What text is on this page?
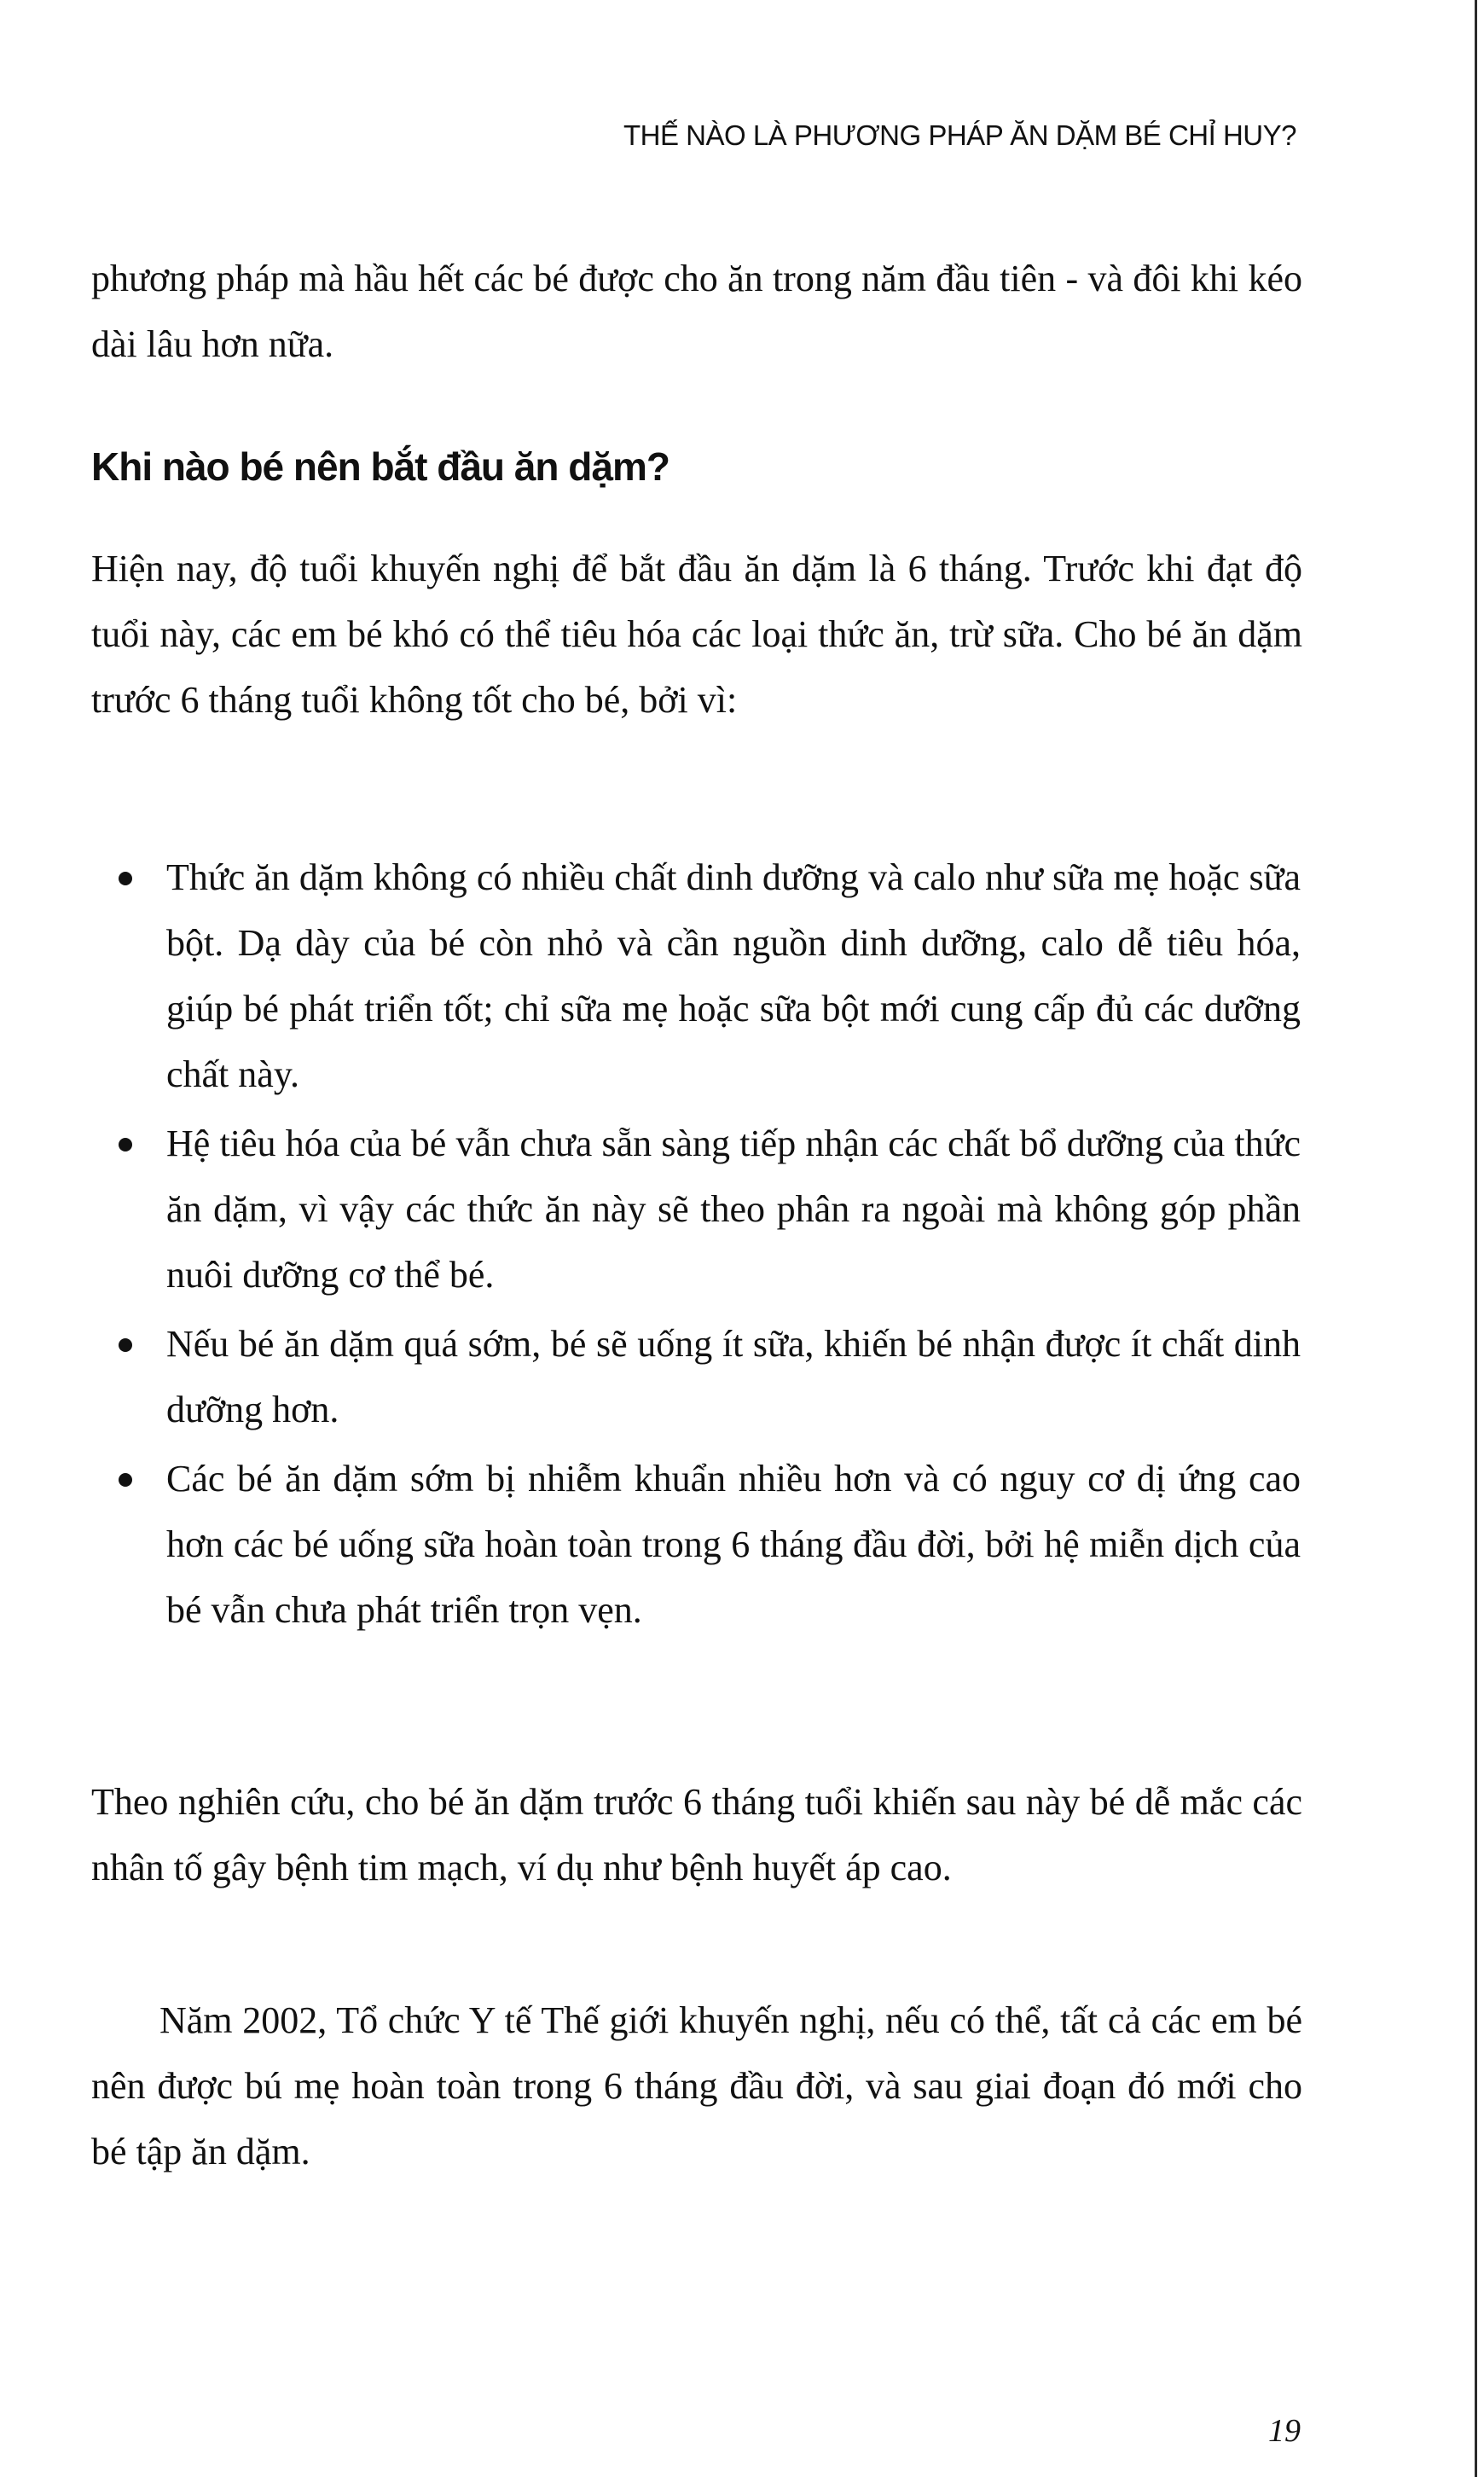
THẾ NÀO LÀ PHƯƠNG PHÁP ĂN DẶM BÉ CHỈ HUY?

phương pháp mà hầu hết các bé được cho ăn trong năm đầu tiên - và đôi khi kéo dài lâu hơn nữa.

Khi nào bé nên bắt đầu ăn dặm?

Hiện nay, độ tuổi khuyến nghị để bắt đầu ăn dặm là 6 tháng. Trước khi đạt độ tuổi này, các em bé khó có thể tiêu hóa các loại thức ăn, trừ sữa. Cho bé ăn dặm trước 6 tháng tuổi không tốt cho bé, bởi vì:

Thức ăn dặm không có nhiều chất dinh dưỡng và calo như sữa mẹ hoặc sữa bột. Dạ dày của bé còn nhỏ và cần nguồn dinh dưỡng, calo dễ tiêu hóa, giúp bé phát triển tốt; chỉ sữa mẹ hoặc sữa bột mới cung cấp đủ các dưỡng chất này.
Hệ tiêu hóa của bé vẫn chưa sẵn sàng tiếp nhận các chất bổ dưỡng của thức ăn dặm, vì vậy các thức ăn này sẽ theo phân ra ngoài mà không góp phần nuôi dưỡng cơ thể bé.
Nếu bé ăn dặm quá sớm, bé sẽ uống ít sữa, khiến bé nhận được ít chất dinh dưỡng hơn.
Các bé ăn dặm sớm bị nhiễm khuẩn nhiều hơn và có nguy cơ dị ứng cao hơn các bé uống sữa hoàn toàn trong 6 tháng đầu đời, bởi hệ miễn dịch của bé vẫn chưa phát triển trọn vẹn.

Theo nghiên cứu, cho bé ăn dặm trước 6 tháng tuổi khiến sau này bé dễ mắc các nhân tố gây bệnh tim mạch, ví dụ như bệnh huyết áp cao.

Năm 2002, Tổ chức Y tế Thế giới khuyến nghị, nếu có thể, tất cả các em bé nên được bú mẹ hoàn toàn trong 6 tháng đầu đời, và sau giai đoạn đó mới cho bé tập ăn dặm.

19
